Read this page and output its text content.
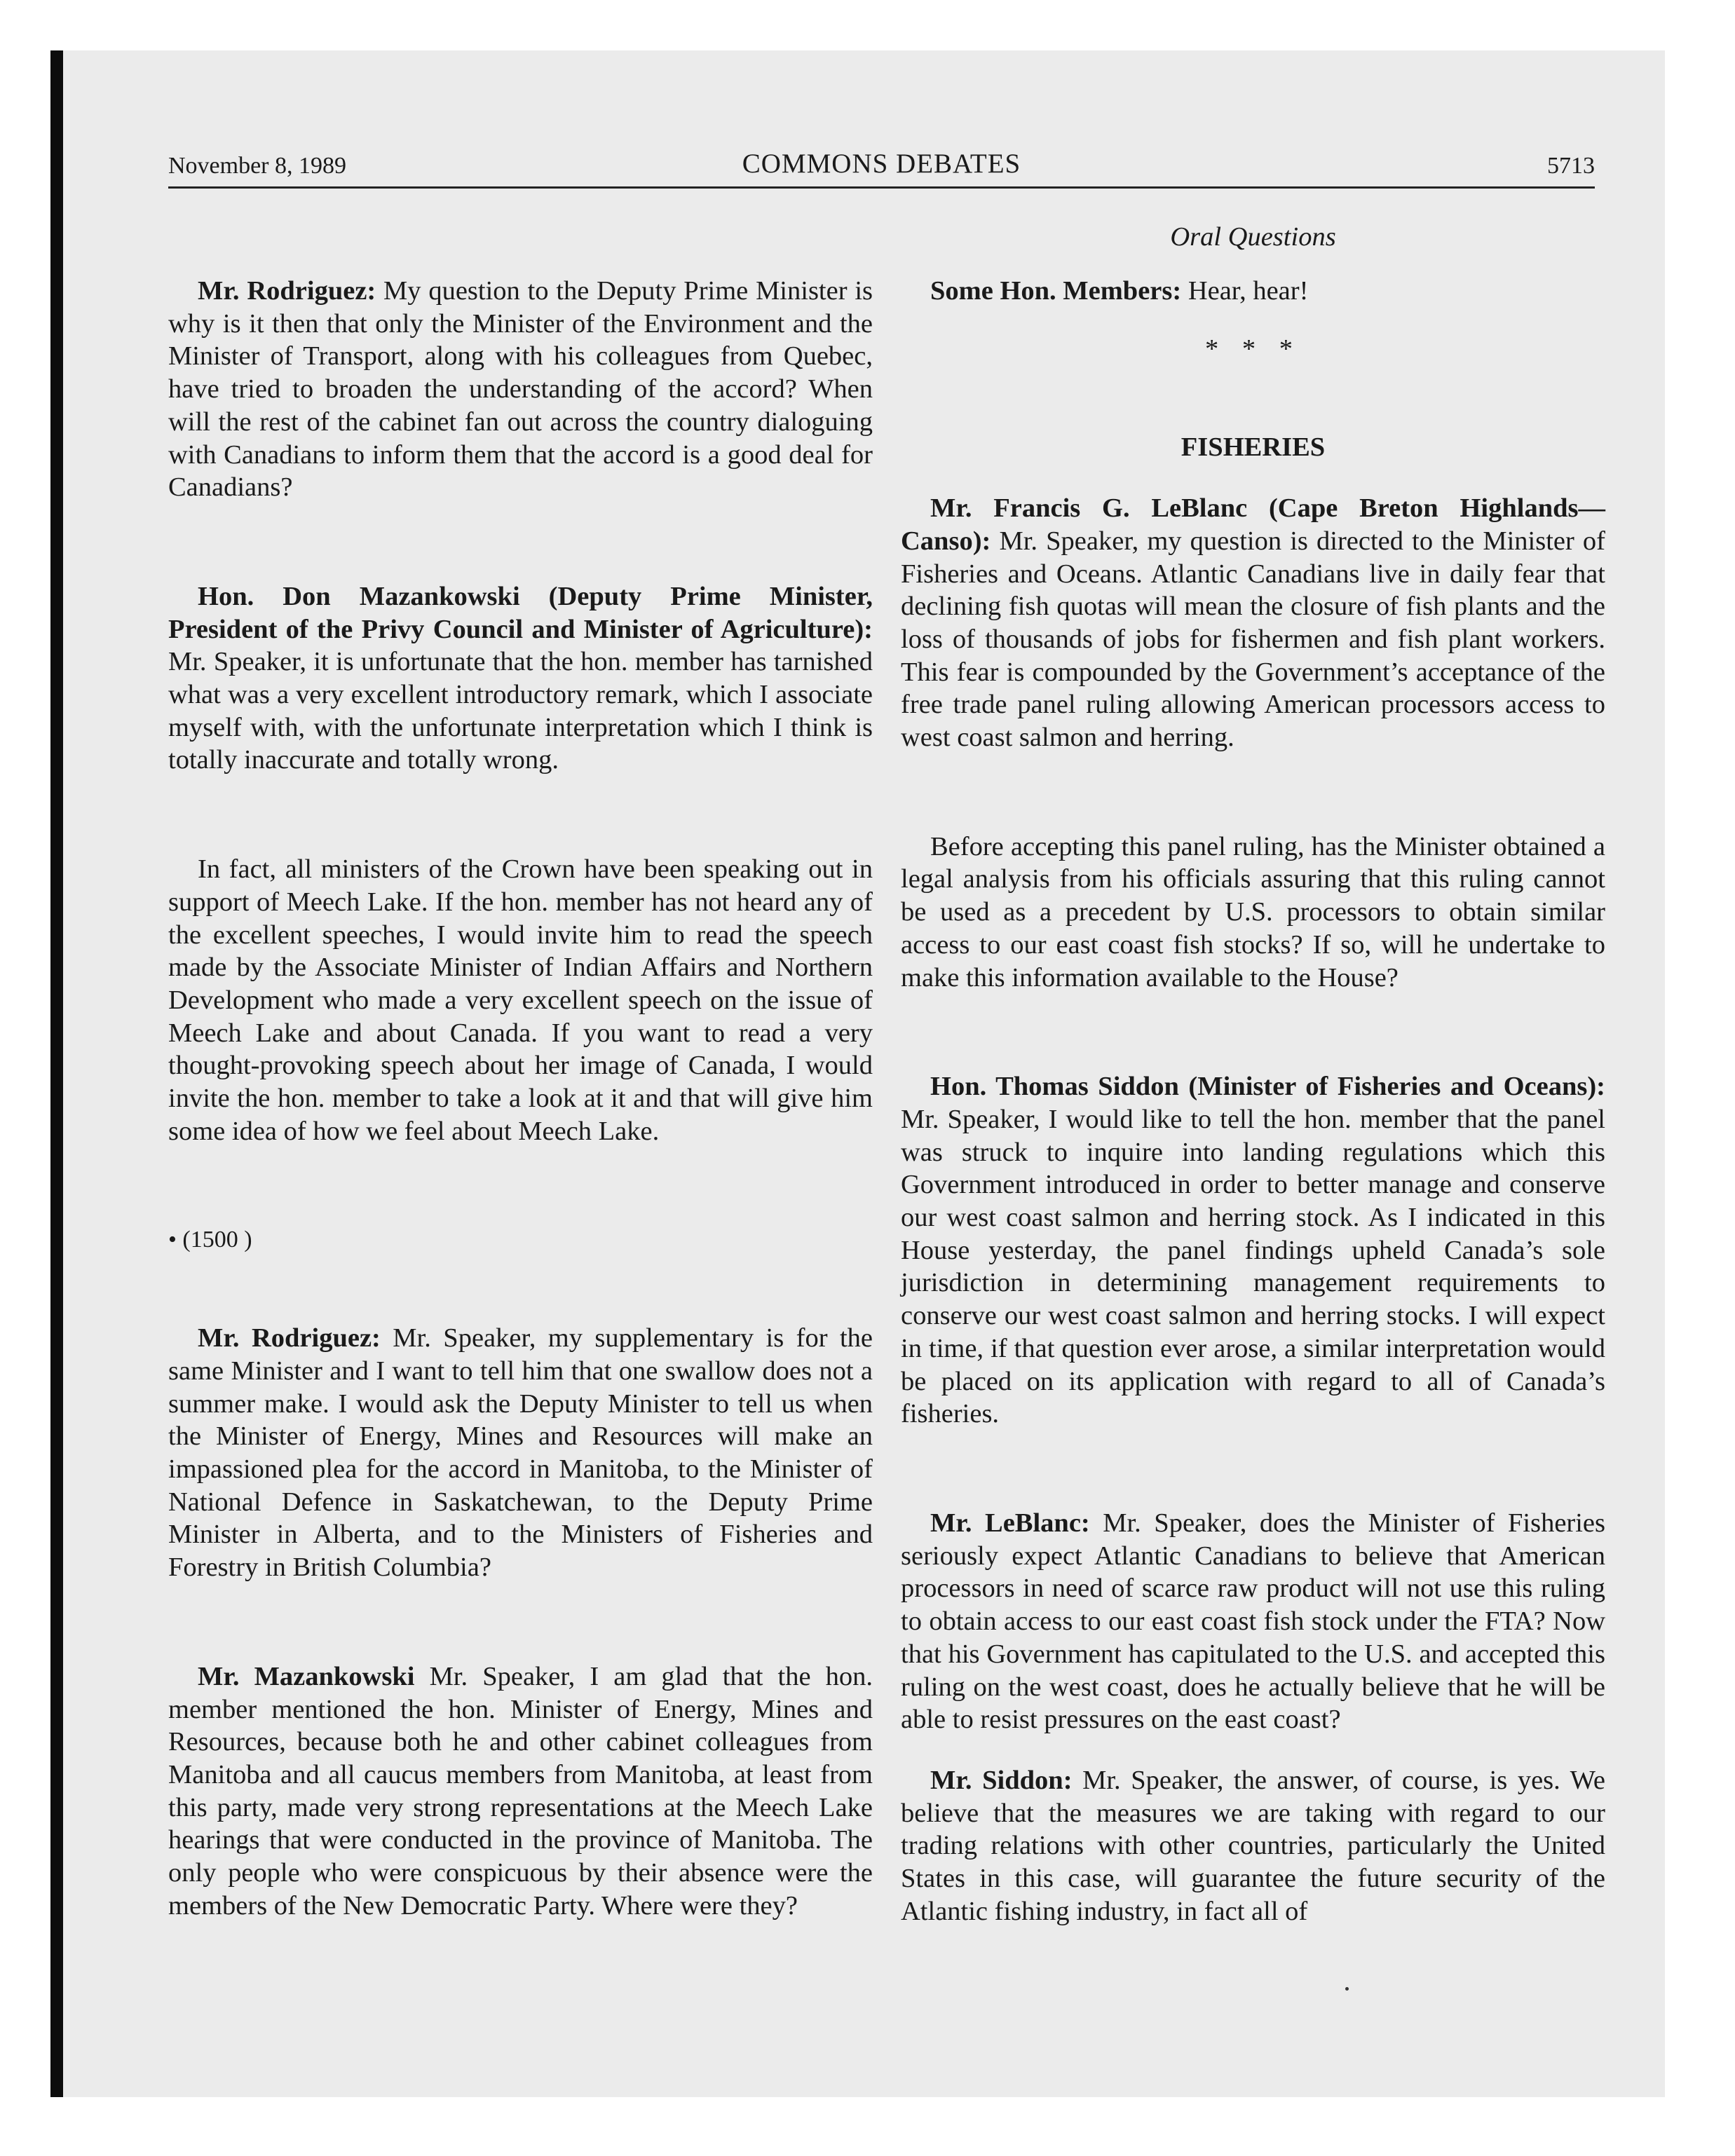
November 8, 1989	COMMONS DEBATES	5713
Oral Questions

Mr. Rodriguez: My question to the Deputy Prime Minister is why is it then that only the Minister of the Environment and the Minister of Transport, along with his colleagues from Quebec, have tried to broaden the understanding of the accord? When will the rest of the cabinet fan out across the country dialoguing with Canadians to inform them that the accord is a good deal for Canadians?

Hon. Don Mazankowski (Deputy Prime Minister, President of the Privy Council and Minister of Agriculture): Mr. Speaker, it is unfortunate that the hon. member has tarnished what was a very excellent introductory remark, which I associate myself with, with the unfortunate interpretation which I think is totally inaccurate and totally wrong.

In fact, all ministers of the Crown have been speaking out in support of Meech Lake. If the hon. member has not heard any of the excellent speeches, I would invite him to read the speech made by the Associate Minister of Indian Affairs and Northern Development who made a very excellent speech on the issue of Meech Lake and about Canada. If you want to read a very thought-provoking speech about her image of Canada, I would invite the hon. member to take a look at it and that will give him some idea of how we feel about Meech Lake.

• (1500 )

Mr. Rodriguez: Mr. Speaker, my supplementary is for the same Minister and I want to tell him that one swallow does not a summer make. I would ask the Deputy Minister to tell us when the Minister of Energy, Mines and Resources will make an impassioned plea for the accord in Manitoba, to the Minister of National Defence in Saskatchewan, to the Deputy Prime Minister in Alberta, and to the Ministers of Fisheries and Forestry in British Columbia?

Mr. Mazankowski Mr. Speaker, I am glad that the hon. member mentioned the hon. Minister of Energy, Mines and Resources, because both he and other cabinet colleagues from Manitoba and all caucus members from Manitoba, at least from this party, made very strong representations at the Meech Lake hearings that were conducted in the province of Manitoba. The only people who were conspicuous by their absence were the members of the New Democratic Party. Where were they?

Some Hon. Members: Hear, hear!

* * *

FISHERIES

Mr. Francis G. LeBlanc (Cape Breton Highlands—Canso): Mr. Speaker, my question is directed to the Minister of Fisheries and Oceans. Atlantic Canadians live in daily fear that declining fish quotas will mean the closure of fish plants and the loss of thousands of jobs for fishermen and fish plant workers. This fear is compounded by the Government’s acceptance of the free trade panel ruling allowing American processors access to west coast salmon and herring.

Before accepting this panel ruling, has the Minister obtained a legal analysis from his officials assuring that this ruling cannot be used as a precedent by U.S. processors to obtain similar access to our east coast fish stocks? If so, will he undertake to make this information available to the House?

Hon. Thomas Siddon (Minister of Fisheries and Oceans): Mr. Speaker, I would like to tell the hon. member that the panel was struck to inquire into landing regulations which this Government introduced in order to better manage and conserve our west coast salmon and herring stock. As I indicated in this House yesterday, the panel findings upheld Canada’s sole jurisdiction in determining management requirements to conserve our west coast salmon and herring stocks. I will expect in time, if that question ever arose, a similar interpretation would be placed on its application with regard to all of Canada’s fisheries.

Mr. LeBlanc: Mr. Speaker, does the Minister of Fisheries seriously expect Atlantic Canadians to believe that American processors in need of scarce raw product will not use this ruling to obtain access to our east coast fish stock under the FTA? Now that his Government has capitulated to the U.S. and accepted this ruling on the west coast, does he actually believe that he will be able to resist pressures on the east coast?

Mr. Siddon: Mr. Speaker, the answer, of course, is yes. We believe that the measures we are taking with regard to our trading relations with other countries, particularly the United States in this case, will guarantee the future security of the Atlantic fishing industry, in fact all of
